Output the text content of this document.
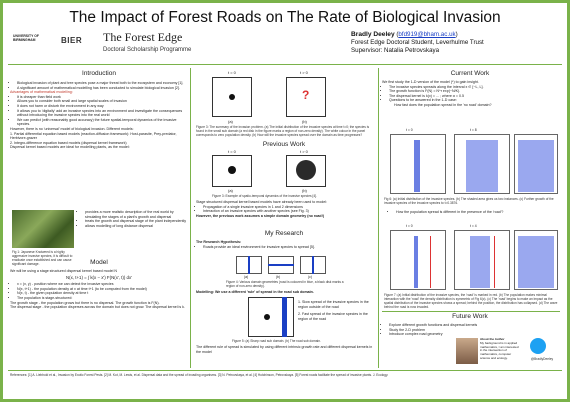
The Impact of Forest Roads on The Rate of Biological Invasion
UNIVERSITY OF BIRMINGHAM	BIER The Forest Edge
Doctoral Scholarship Programme
Bradly Deeley (bfd919@bham.ac.uk)
Forest Edge Doctoral Student, Leverhulme Trust
Supervisor: Natalia Petrovskaya
Introduction
• Biological invasion of plant and tree species pose a major threat both to the ecosystem and economy [1].
• A significant amount of mathematical modelling has been conducted to simulate biological invasion [2].
Advantages of mathematical modelling:
• It is cheaper than field work
• Allows you to consider both small and large spatial scales of invasion
• It does not harm or disturb the environment in any way
• It allows you to 'digitally' add an invasive species into an environment and investigate the consequences without introducing the invasive species into the real world
• We can predict (with reasonably good accuracy) the future spatial-temporal dynamics of the invasive species.
However, there is no 'universal' model of biological invasion. Different models:
1. Partial differential equation based models (reaction-diffusion framework): Host-parasite, Prey-predator, Herbivore-grazer
2. Integro-difference equation based models (dispersal kernel framework)
Dispersal kernel based models are ideal for modelling plants, as the model:
• provides a more realistic description of the real world by simulating the stages of a plant's growth and dispersal
• treats the growth and dispersal stage of the plant independently
• allows modelling of long distance dispersal
Fig 1: Japanese Knotweed is a highly aggressive invasive species, it is difficult to eradicate once established and can cause significant damage.	Model
We will be using a stage structured dispersal kernel based model N
N(x, t+1) = ∫ k(x − x') F(N(x', t)) dx'
• x = (x, y) - position where we can detect the invasive species
• N(x, t+1) - the population density at x at time t+1 (to be computed from the model)
• N(x, t) - the given population density at time t
• The population is stage-structured:
The growth stage - the population grows but there is no dispersal. The growth function is F(N).
The dispersal stage - the population disperses across the domain but does not grow. The dispersal kernel is k.
t = 0	t > 0
?
(a)	(b)
Figure 3: The summary of the invasion problem. (a) The initial distribution of the invasive species at time t=0; the species is found in the small sub domain (a red disk in the figure marks a region of non-zero density). The white colour in the panel corresponds to zero population density. (b) How will the invasive species spread over the domain as time progresses?
Previous Work
t = 0	t > 0
(a)	(b)
Figure 3: Example of spatio-temporal dynamics of the invasive species [4].
Stage structured dispersal kernel based models have already been used to model:
• Propagation of a single invasive species in 1 and 2 dimensions
• Interaction of an invasive species with another species (see Fig. 3)
However, the previous work assumes a simple domain geometry (no road!)
My Research
The Research Hypothesis:
• Roads provide an ideal environment for invasive species to spread [5].
(a)	(b)	(c)
Figure 4: Various domain geometries (road is coloured in blue, a black disk marks a region of non-zero density).
Modelling: We use a different 'rule' of spread in the road sub domain.
1. Slow spread of the invasive species in the region outside of the road
2. Fast spread of the invasive species in the region of the road
Figure 5: (a) Sharp road sub domain. (b) The road sub domain.
The different rule of spread is simulated by using different intrinsic growth rate and different dispersal kernels in the model
Current Work
We first study the 1-D version of the model (*) to gain insight.
• The invasive species spreads along the interval x ∈ [−L, L].
• The growth function is F(N) = N^r exp(−N/K).
• The dispersal kernel is k(x) = ... ; where α = 0.5
• Questions to be answered in the 1-D case:
How fast does the population spread in the 'no road' domain?
t = 0	t = 8
Fig 6: (a) Initial distribution of the invasive species. (b) The shaded area gives us two instances. (c) Further growth of the invasive species of the invasive species to t=0.3876.
• How the population spread is different in the presence of the 'road'?
t = 0	t = 4
Figure 7: (a) Initial distribution of the invasive species, the 'road' is marked in red. (b) The population makes minimal interaction with the 'road' the density distribution is symmetric of Fig 6(c). (c) The 'road' begins to make an impact as the spatial distribution of the invasive species shows a spread; behind the position, the distribution has collapsed. (d) The wave behind the road is now invaded.
Future Work
• Explore different growth functions and dispersal kernels
• Study the 2-D problem
• Introduce complex road geometry
About the Author
My background is in applied mathematics, I am interested in the intersection of mathematics, computer science and ecology.	@BradlyDeeley
References: [1] A. Liebhold et al., Invasion by Exotic Forest Pests. [2] M. Kot, M. Lewis, et al. Dispersal data and the spread of invading organisms. [3] N. Petrovskaya, et al. [4] Hutchinson, Petrovskaya. [5] Forest roads facilitate the spread of invasive plants. J. Ecology.
